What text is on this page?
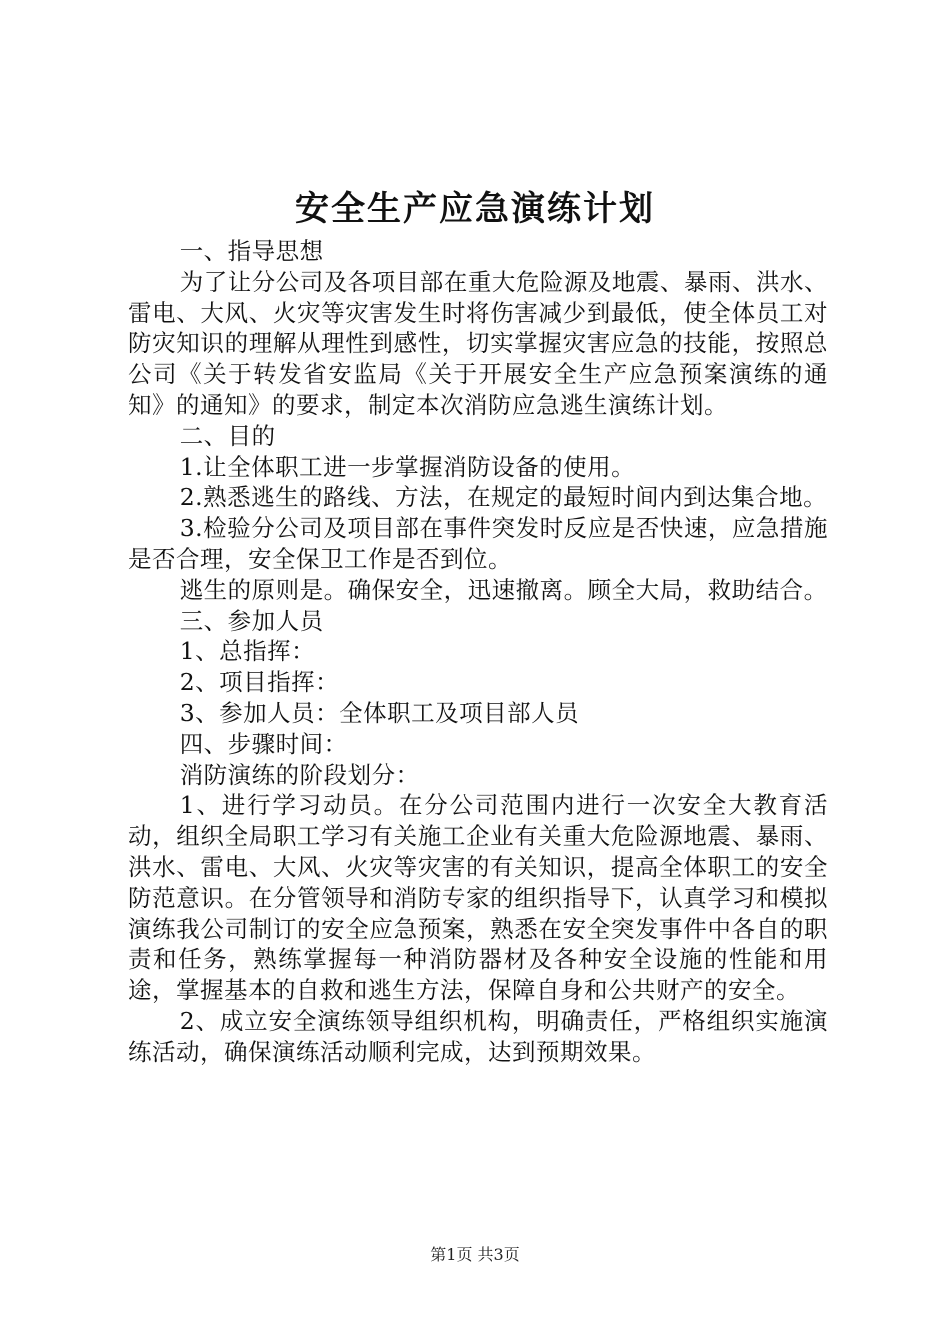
安全生产应急演练计划

一、指导思想

为了让分公司及各项目部在重大危险源及地震、暴雨、洪水、雷电、大风、火灾等灾害发生时将伤害减少到最低，使全体员工对防灾知识的理解从理性到感性，切实掌握灾害应急的技能，按照总公司《关于转发省安监局《关于开展安全生产应急预案演练的通知》的通知》的要求，制定本次消防应急逃生演练计划。

二、目的

1.让全体职工进一步掌握消防设备的使用。

2.熟悉逃生的路线、方法，在规定的最短时间内到达集合地。

3.检验分公司及项目部在事件突发时反应是否快速，应急措施是否合理，安全保卫工作是否到位。

逃生的原则是。确保安全，迅速撤离。顾全大局，救助结合。

三、参加人员

1、总指挥：

2、项目指挥：

3、参加人员：全体职工及项目部人员

四、步骤时间：

消防演练的阶段划分：

1、进行学习动员。在分公司范围内进行一次安全大教育活动，组织全局职工学习有关施工企业有关重大危险源地震、暴雨、洪水、雷电、大风、火灾等灾害的有关知识，提高全体职工的安全防范意识。在分管领导和消防专家的组织指导下，认真学习和模拟演练我公司制订的安全应急预案，熟悉在安全突发事件中各自的职责和任务，熟练掌握每一种消防器材及各种安全设施的性能和用途，掌握基本的自救和逃生方法，保障自身和公共财产的安全。

2、成立安全演练领导组织机构，明确责任，严格组织实施演练活动，确保演练活动顺利完成，达到预期效果。

第1页 共3页
